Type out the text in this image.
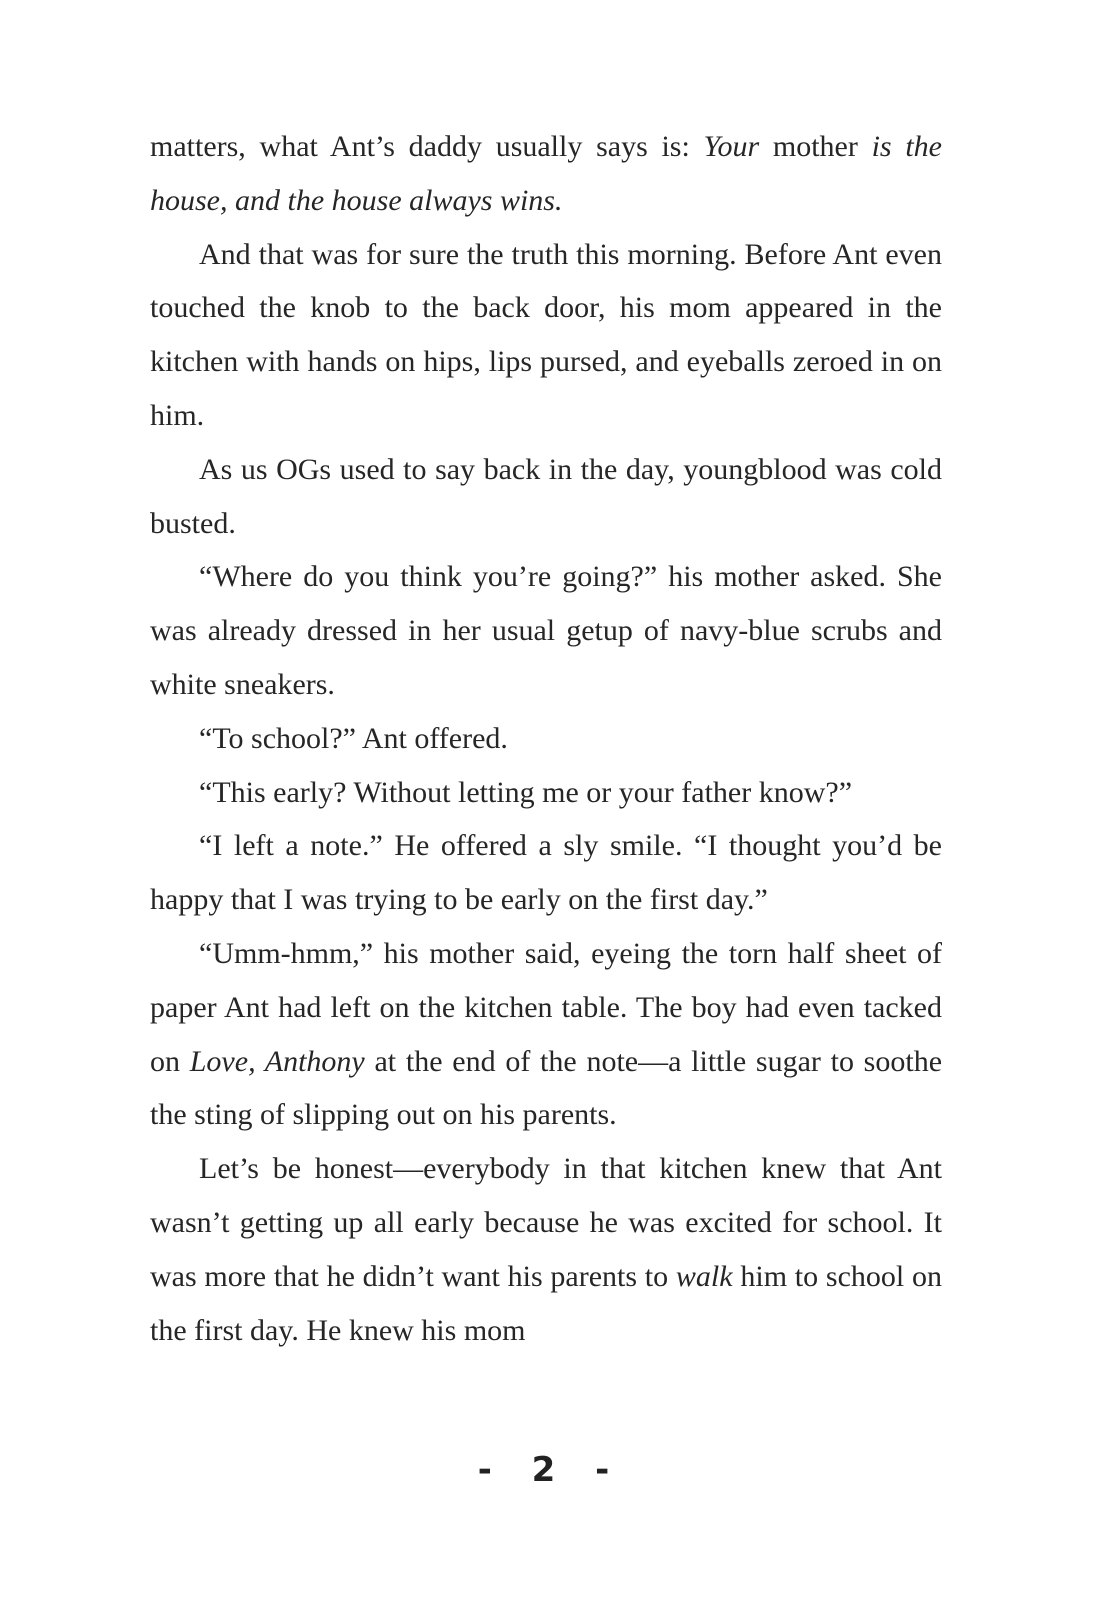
matters, what Ant’s daddy usually says is: Your mother is the house, and the house always wins.

And that was for sure the truth this morning. Before Ant even touched the knob to the back door, his mom appeared in the kitchen with hands on hips, lips pursed, and eyeballs zeroed in on him.

As us OGs used to say back in the day, youngblood was cold busted.

“Where do you think you’re going?” his mother asked. She was already dressed in her usual getup of navy-blue scrubs and white sneakers.

“To school?” Ant offered.

“This early? Without letting me or your father know?”

“I left a note.” He offered a sly smile. “I thought you’d be happy that I was trying to be early on the first day.”

“Umm-hmm,” his mother said, eyeing the torn half sheet of paper Ant had left on the kitchen table. The boy had even tacked on Love, Anthony at the end of the note—a little sugar to soothe the sting of slipping out on his parents.

Let’s be honest—everybody in that kitchen knew that Ant wasn’t getting up all early because he was excited for school. It was more that he didn’t want his parents to walk him to school on the first day. He knew his mom

- 2 -
